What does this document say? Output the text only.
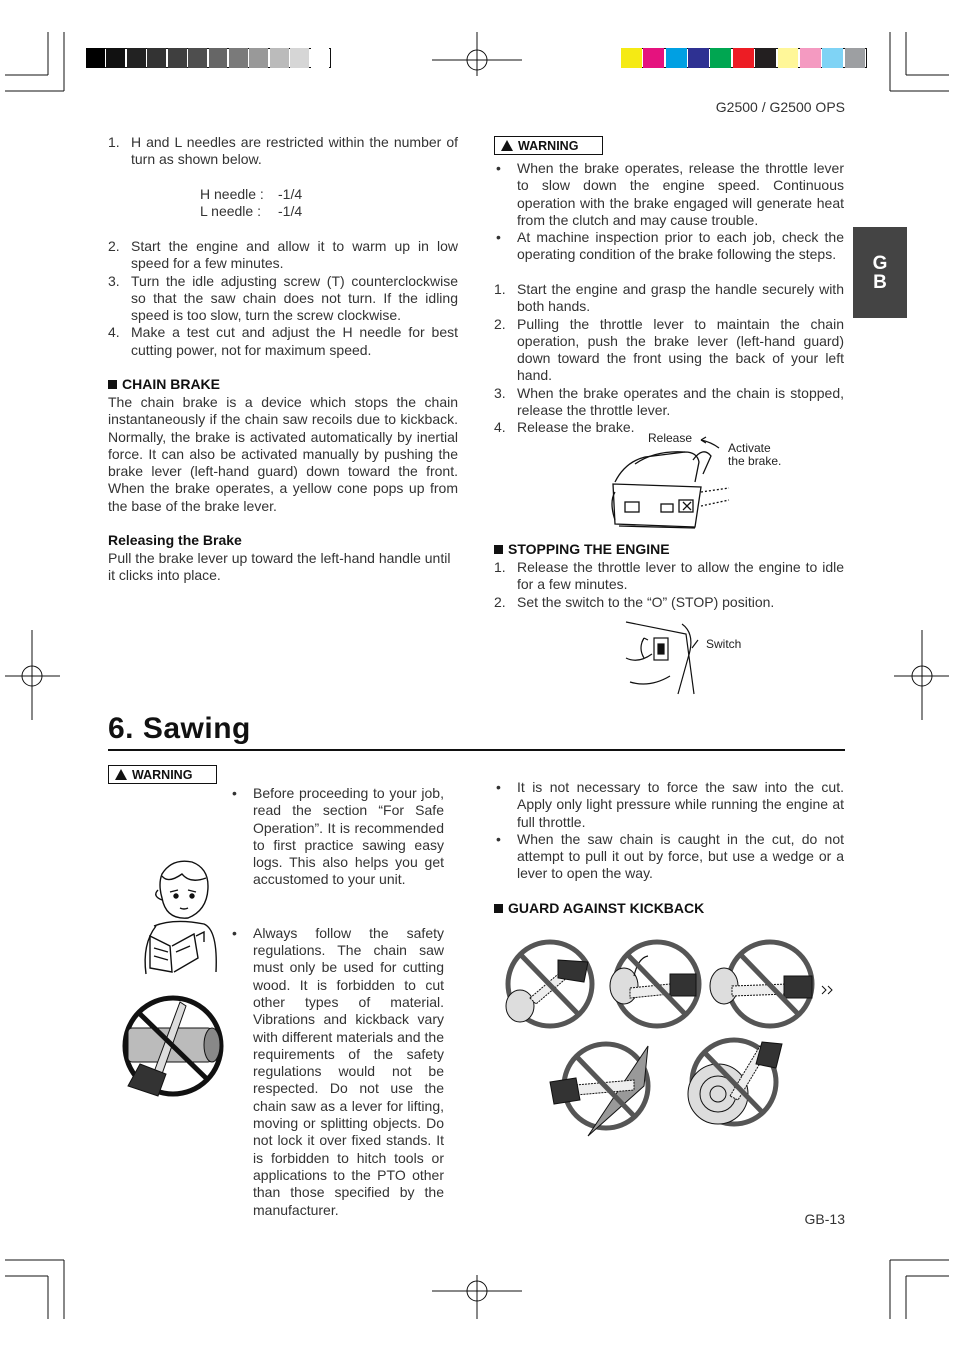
G2500 / G2500 OPS
G
B
1. H and L needles are restricted within the number of turn as shown below.
H needle : -1/4
L needle : -1/4
2. Start the engine and allow it to warm up in low speed for a few minutes.
3. Turn the idle adjusting screw (T) counterclockwise so that the saw chain does not turn. If the idling speed is too slow, turn the screw clockwise.
4. Make a test cut and adjust the H needle for best cutting power, not for maximum speed.
CHAIN BRAKE
The chain brake is a device which stops the chain instantaneously if the chain saw recoils due to kickback. Normally, the brake is activated automatically by inertial force. It can also be activated manually by pushing the brake lever (left-hand guard) down toward the front. When the brake operates, a yellow cone pops up from the base of the brake lever.
Releasing the Brake
Pull the brake lever up toward the left-hand handle until it clicks into place.
WARNING
• When the brake operates, release the throttle lever to slow down the engine speed. Continuous operation with the brake engaged will generate heat from the clutch and may cause trouble.
• At machine inspection prior to each job, check the operating condition of the brake following the steps.
1. Start the engine and grasp the handle securely with both hands.
2. Pulling the throttle lever to maintain the chain operation, push the brake lever (left-hand guard) down toward the front using the back of your left hand.
3. When the brake operates and the chain is stopped, release the throttle lever.
4. Release the brake.
Release
Activate
the brake.
STOPPING THE ENGINE
1. Release the throttle lever to allow the engine to idle for a few minutes.
2. Set the switch to the “O” (STOP) position.
Switch
6. Sawing
WARNING
• Before proceeding to your job, read the section “For Safe Operation”. It is recommended to first practice sawing easy logs. This also helps you get accustomed to your unit.
• Always follow the safety regulations. The chain saw must only be used for cutting wood. It is forbidden to cut other types of material. Vibrations and kickback vary with different materials and the requirements of the safety regulations would not be respected. Do not use the chain saw as a lever for lifting, moving or splitting objects. Do not lock it over fixed stands. It is forbidden to hitch tools or applications to the PTO other than those specified by the manufacturer.
• It is not necessary to force the saw into the cut. Apply only light pressure while running the engine at full throttle.
• When the saw chain is caught in the cut, do not attempt to pull it out by force, but use a wedge or a lever to open the way.
GUARD AGAINST KICKBACK
GB-13
